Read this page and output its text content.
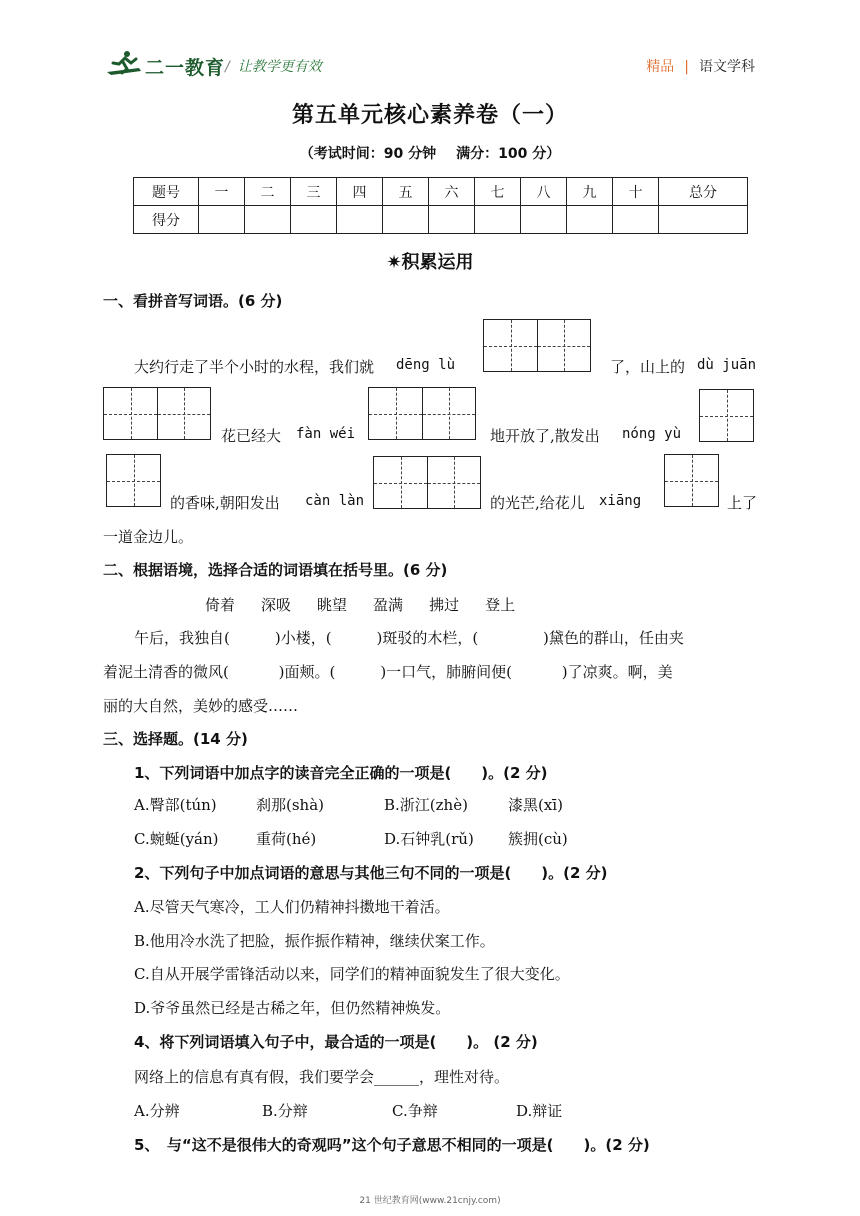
二一教育 / 让教学更有效	精品 | 语文学科
第五单元核心素养卷（一）
（考试时间：90 分钟 满分：100 分）
题号	一	二	三	四	五	六	七	八	九	十	总分
得分											
✷积累运用
一、看拼音写词语。(6 分)
大约行走了半个小时的水程，我们就 dēng lù	了，山上的 dù juān
花已经大 fàn wéi	地开放了,散发出 nóng yù
的香味,朝阳发出 càn làn	的光芒,给花儿 xiāng	上了
一道金边儿。
二、根据语境，选择合适的词语填在括号里。(6 分)
倚着 深吸 眺望 盈满 拂过 登上
午后，我独自(　　　)小楼，(　　　)斑驳的木栏，(　　　　 )黛色的群山，任由夹
着泥土清香的微风(　　　 )面颊。(　　　)一口气，肺腑间便(　　　 )了凉爽。啊，美
丽的大自然，美妙的感受……
三、选择题。(14 分)
1、下列词语中加点字的读音完全正确的一项是(　　)。(2 分)
A.臀部(tún)	刹那(shà)	B.浙江(zhè)	漆黑(xī)
C.蜿蜒(yán)	重荷(hé)	D.石钟乳(rǔ) 簇拥(cù)
2、下列句子中加点词语的意思与其他三句不同的一项是(　　)。(2 分)
A.尽管天气寒冷，工人们仍精神抖擞地干着活。
B.他用冷水洗了把脸，振作振作精神，继续伏案工作。
C.自从开展学雷锋活动以来，同学们的精神面貌发生了很大变化。
D.爷爷虽然已经是古稀之年，但仍然精神焕发。
4、将下列词语填入句子中，最合适的一项是(　　)。 (2 分)
网络上的信息有真有假，我们要学会______，理性对待。
A.分辨	B.分辩	C.争辩	D.辩证
5、　与“这不是很伟大的奇观吗”这个句子意思不相同的一项是(　　)。(2 分)
21 世纪教育网(www.21cnjy.com)
